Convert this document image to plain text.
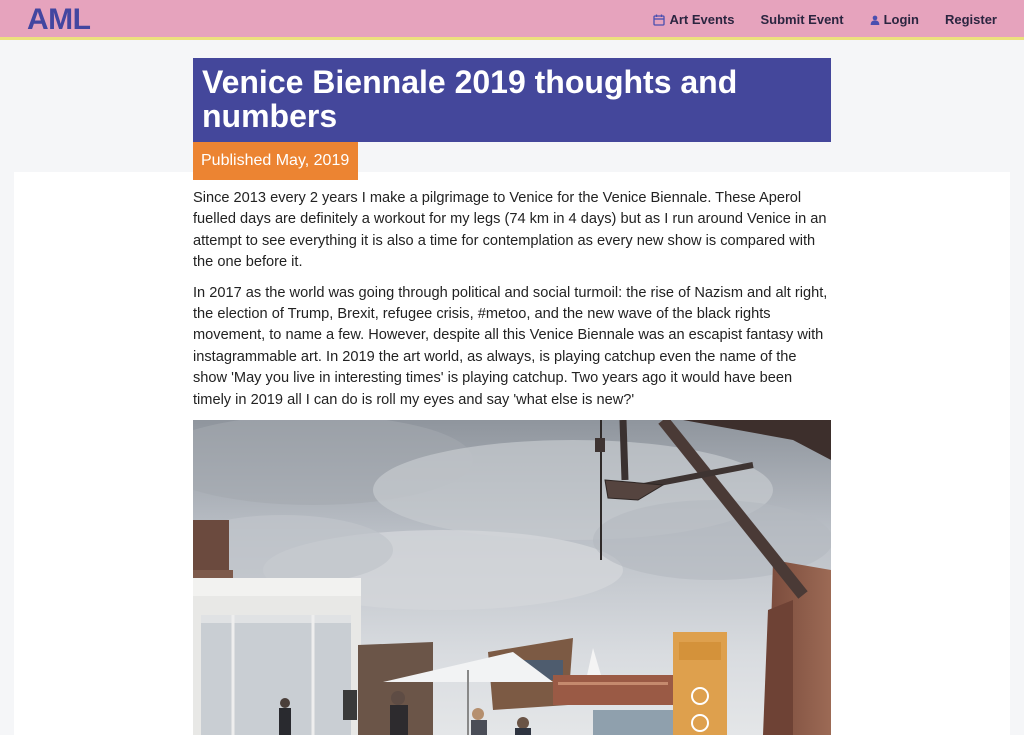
AML	Art Events Submit Event	Login Register
Venice Biennale 2019 thoughts and numbers
Published May, 2019

Since 2013 every 2 years I make a pilgrimage to Venice for the Venice Biennale. These Aperol fuelled days are definitely a workout for my legs (74 km in 4 days) but as I run around Venice in an attempt to see everything it is also a time for contemplation as every new show is compared with the one before it.

In 2017 as the world was going through political and social turmoil: the rise of Nazism and alt right, the election of Trump, Brexit, refugee crisis, #metoo, and the new wave of the black rights movement, to name a few. However, despite all this Venice Biennale was an escapist fantasy with instagrammable art. In 2019 the art world, as always, is playing catchup even the name of the show 'May you live in interesting times' is playing catchup. Two years ago it would have been timely in 2019 all I can do is roll my eyes and say 'what else is new?'
